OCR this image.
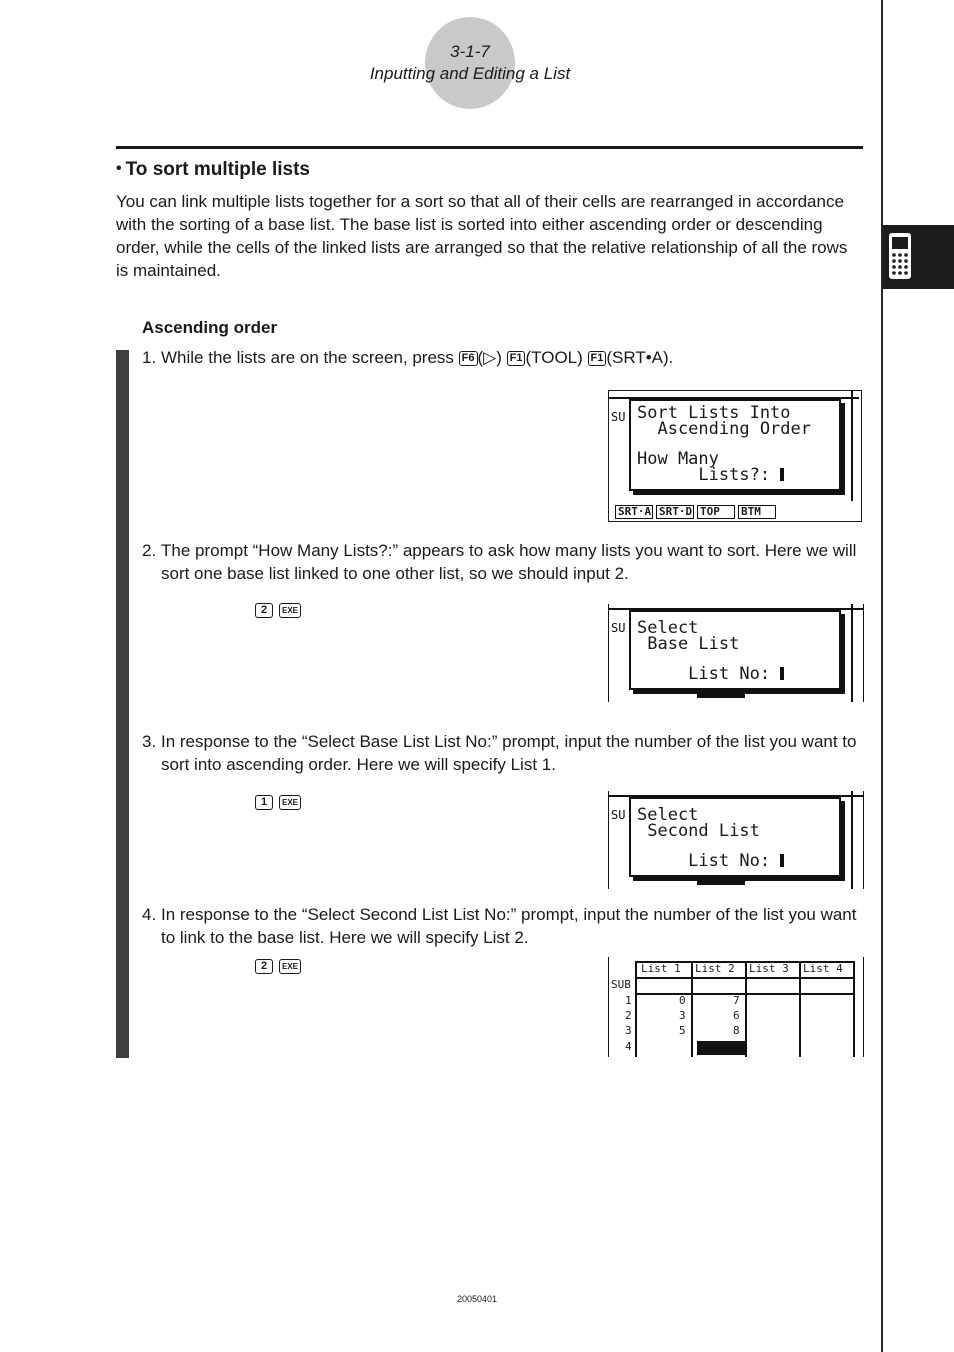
3-1-7
Inputting and Editing a List
• To sort multiple lists
You can link multiple lists together for a sort so that all of their cells are rearranged in accordance with the sorting of a base list. The base list is sorted into either ascending order or descending order, while the cells of the linked lists are arranged so that the relative relationship of all the rows is maintained.
Ascending order
1. While the lists are on the screen, press F6 (▷) F1 (TOOL) F1 (SRT•A).
SU Sort Lists Into
Ascending Order
How Many
Lists?:
SRT·A SRT·D TOP	BTM
2. The prompt “How Many Lists?:” appears to ask how many lists you want to sort. Here we will sort one base list linked to one other list, so we should input 2.
2 EXE
SU Select
Base List
List No:
3. In response to the “Select Base List List No:” prompt, input the number of the list you want to sort into ascending order. Here we will specify List 1.
1 EXE
SU Select
Second List
List No:
4. In response to the “Select Second List List No:” prompt, input the number of the list you want to link to the base list. Here we will specify List 2.
2 EXE	List 1 List 2 List 3 List 4
SUB
1
2
3
4
0
3
5
7
6
8
20050401
